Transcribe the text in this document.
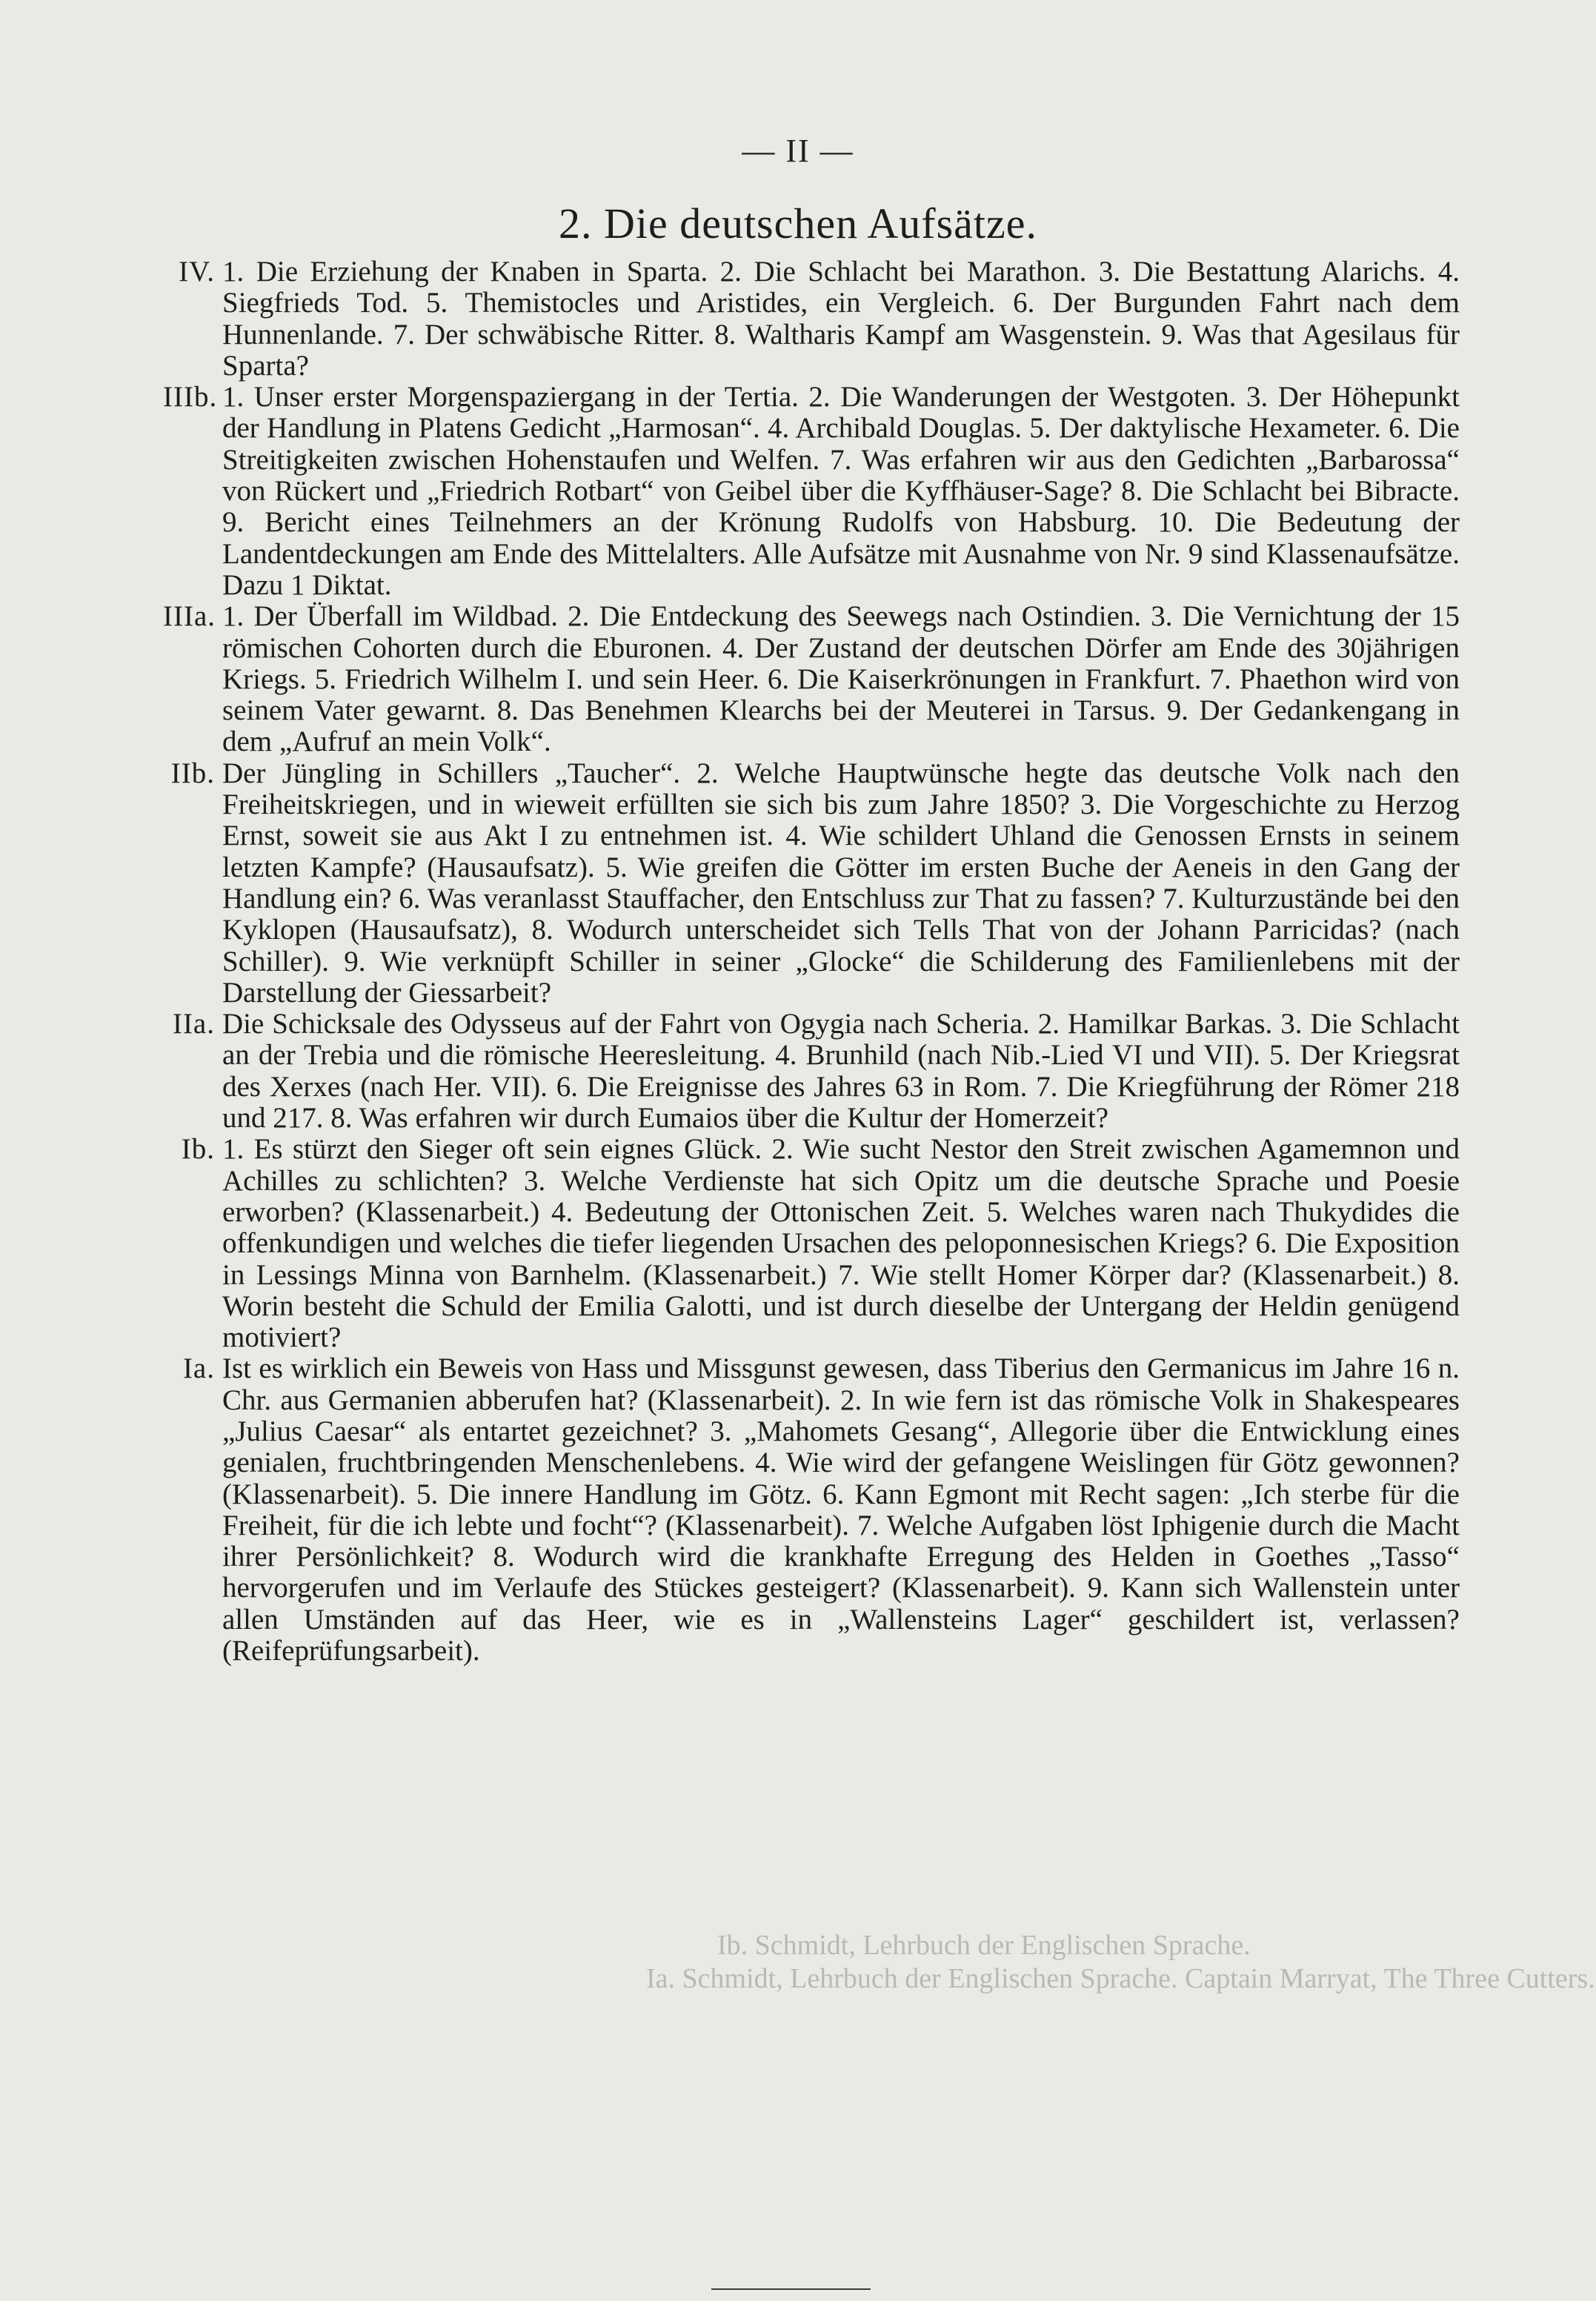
Ib. Schmidt, Lehrbuch der Englischen Sprache.
Ia. Schmidt, Lehrbuch der Englischen Sprache. Captain Marryat, The Three Cutters.
— II —
2. Die deutschen Aufsätze.
IV. 1. Die Erziehung der Knaben in Sparta. 2. Die Schlacht bei Marathon. 3. Die Bestattung Alarichs. 4. Siegfrieds Tod. 5. Themistocles und Aristides, ein Vergleich. 6. Der Burgunden Fahrt nach dem Hunnenlande. 7. Der schwäbische Ritter. 8. Waltharis Kampf am Wasgenstein. 9. Was that Agesilaus für Sparta?
IIIb. 1. Unser erster Morgenspaziergang in der Tertia. 2. Die Wanderungen der Westgoten. 3. Der Höhepunkt der Handlung in Platens Gedicht „Harmosan“. 4. Archibald Douglas. 5. Der daktylische Hexameter. 6. Die Streitigkeiten zwischen Hohenstaufen und Welfen. 7. Was erfahren wir aus den Gedichten „Barbarossa“ von Rückert und „Friedrich Rotbart“ von Geibel über die Kyffhäuser-Sage? 8. Die Schlacht bei Bibracte. 9. Bericht eines Teilnehmers an der Krönung Rudolfs von Habsburg. 10. Die Bedeutung der Landentdeckungen am Ende des Mittelalters. Alle Aufsätze mit Ausnahme von Nr. 9 sind Klassenaufsätze. Dazu 1 Diktat.
IIIa. 1. Der Überfall im Wildbad. 2. Die Entdeckung des Seewegs nach Ostindien. 3. Die Vernichtung der 15 römischen Cohorten durch die Eburonen. 4. Der Zustand der deutschen Dörfer am Ende des 30jährigen Kriegs. 5. Friedrich Wilhelm I. und sein Heer. 6. Die Kaiserkrönungen in Frankfurt. 7. Phaethon wird von seinem Vater gewarnt. 8. Das Benehmen Klearchs bei der Meuterei in Tarsus. 9. Der Gedankengang in dem „Aufruf an mein Volk“.
IIb. Der Jüngling in Schillers „Taucher“. 2. Welche Hauptwünsche hegte das deutsche Volk nach den Freiheitskriegen, und in wieweit erfüllten sie sich bis zum Jahre 1850? 3. Die Vorgeschichte zu Herzog Ernst, soweit sie aus Akt I zu entnehmen ist. 4. Wie schildert Uhland die Genossen Ernsts in seinem letzten Kampfe? (Hausaufsatz). 5. Wie greifen die Götter im ersten Buche der Aeneis in den Gang der Handlung ein? 6. Was veranlasst Stauffacher, den Entschluss zur That zu fassen? 7. Kulturzustände bei den Kyklopen (Hausaufsatz), 8. Wodurch unterscheidet sich Tells That von der Johann Parricidas? (nach Schiller). 9. Wie verknüpft Schiller in seiner „Glocke“ die Schilderung des Familienlebens mit der Darstellung der Giessarbeit?
IIa. Die Schicksale des Odysseus auf der Fahrt von Ogygia nach Scheria. 2. Hamilkar Barkas. 3. Die Schlacht an der Trebia und die römische Heeresleitung. 4. Brunhild (nach Nib.-Lied VI und VII). 5. Der Kriegsrat des Xerxes (nach Her. VII). 6. Die Ereignisse des Jahres 63 in Rom. 7. Die Kriegführung der Römer 218 und 217. 8. Was erfahren wir durch Eumaios über die Kultur der Homerzeit?
Ib. 1. Es stürzt den Sieger oft sein eignes Glück. 2. Wie sucht Nestor den Streit zwischen Agamemnon und Achilles zu schlichten? 3. Welche Verdienste hat sich Opitz um die deutsche Sprache und Poesie erworben? (Klassenarbeit.) 4. Bedeutung der Ottonischen Zeit. 5. Welches waren nach Thukydides die offenkundigen und welches die tiefer liegenden Ursachen des peloponnesischen Kriegs? 6. Die Exposition in Lessings Minna von Barnhelm. (Klassenarbeit.) 7. Wie stellt Homer Körper dar? (Klassenarbeit.) 8. Worin besteht die Schuld der Emilia Galotti, und ist durch dieselbe der Untergang der Heldin genügend motiviert?
Ia. Ist es wirklich ein Beweis von Hass und Missgunst gewesen, dass Tiberius den Germanicus im Jahre 16 n. Chr. aus Germanien abberufen hat? (Klassenarbeit). 2. In wie fern ist das römische Volk in Shakespeares „Julius Caesar“ als entartet gezeichnet? 3. „Mahomets Gesang“, Allegorie über die Entwicklung eines genialen, fruchtbringenden Menschenlebens. 4. Wie wird der gefangene Weislingen für Götz gewonnen? (Klassenarbeit). 5. Die innere Handlung im Götz. 6. Kann Egmont mit Recht sagen: „Ich sterbe für die Freiheit, für die ich lebte und focht“? (Klassenarbeit). 7. Welche Aufgaben löst Iphigenie durch die Macht ihrer Persönlichkeit? 8. Wodurch wird die krankhafte Erregung des Helden in Goethes „Tasso“ hervorgerufen und im Verlaufe des Stückes gesteigert? (Klassenarbeit). 9. Kann sich Wallenstein unter allen Umständen auf das Heer, wie es in „Wallensteins Lager“ geschildert ist, verlassen? (Reifeprüfungsarbeit).
